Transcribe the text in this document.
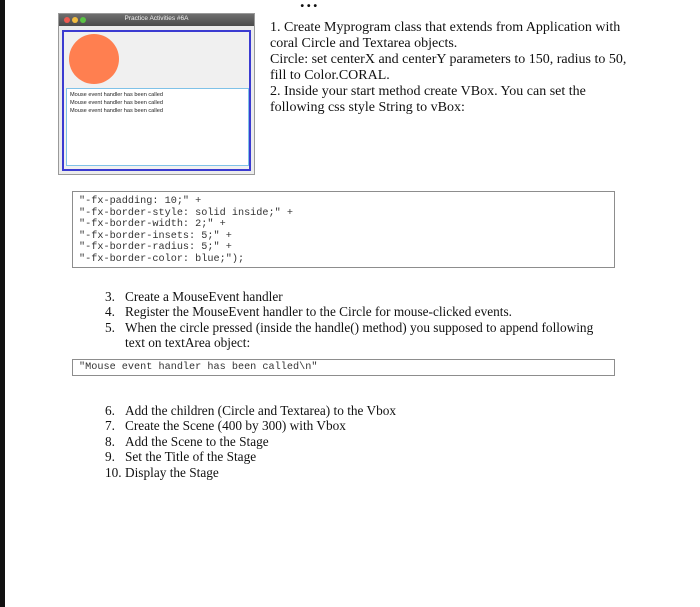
...
Practice Activities #6A
Mouse event handler has been called
Mouse event handler has been called
Mouse event handler has been called

1. Create Myprogram class that extends from Application with coral Circle and Textarea objects.

Circle: set centerX and centerY parameters to 150, radius to 50, fill to Color.CORAL.

2. Inside your start method create VBox. You can set the following css style String to vBox:

"-fx-padding: 10;" +
"-fx-border-style: solid inside;" +
"-fx-border-width: 2;" +
"-fx-border-insets: 5;" +
"-fx-border-radius: 5;" +
"-fx-border-color: blue;");
3. Create a MouseEvent handler
4. Register the MouseEvent handler to the Circle for mouse-clicked events.
5. When the circle pressed (inside the handle() method) you supposed to append following text on textArea object:
"Mouse event handler has been called\n"
6. Add the children (Circle and Textarea) to the Vbox
7. Create the Scene (400 by 300) with Vbox
8. Add the Scene to the Stage
9. Set the Title of the Stage
10. Display the Stage
